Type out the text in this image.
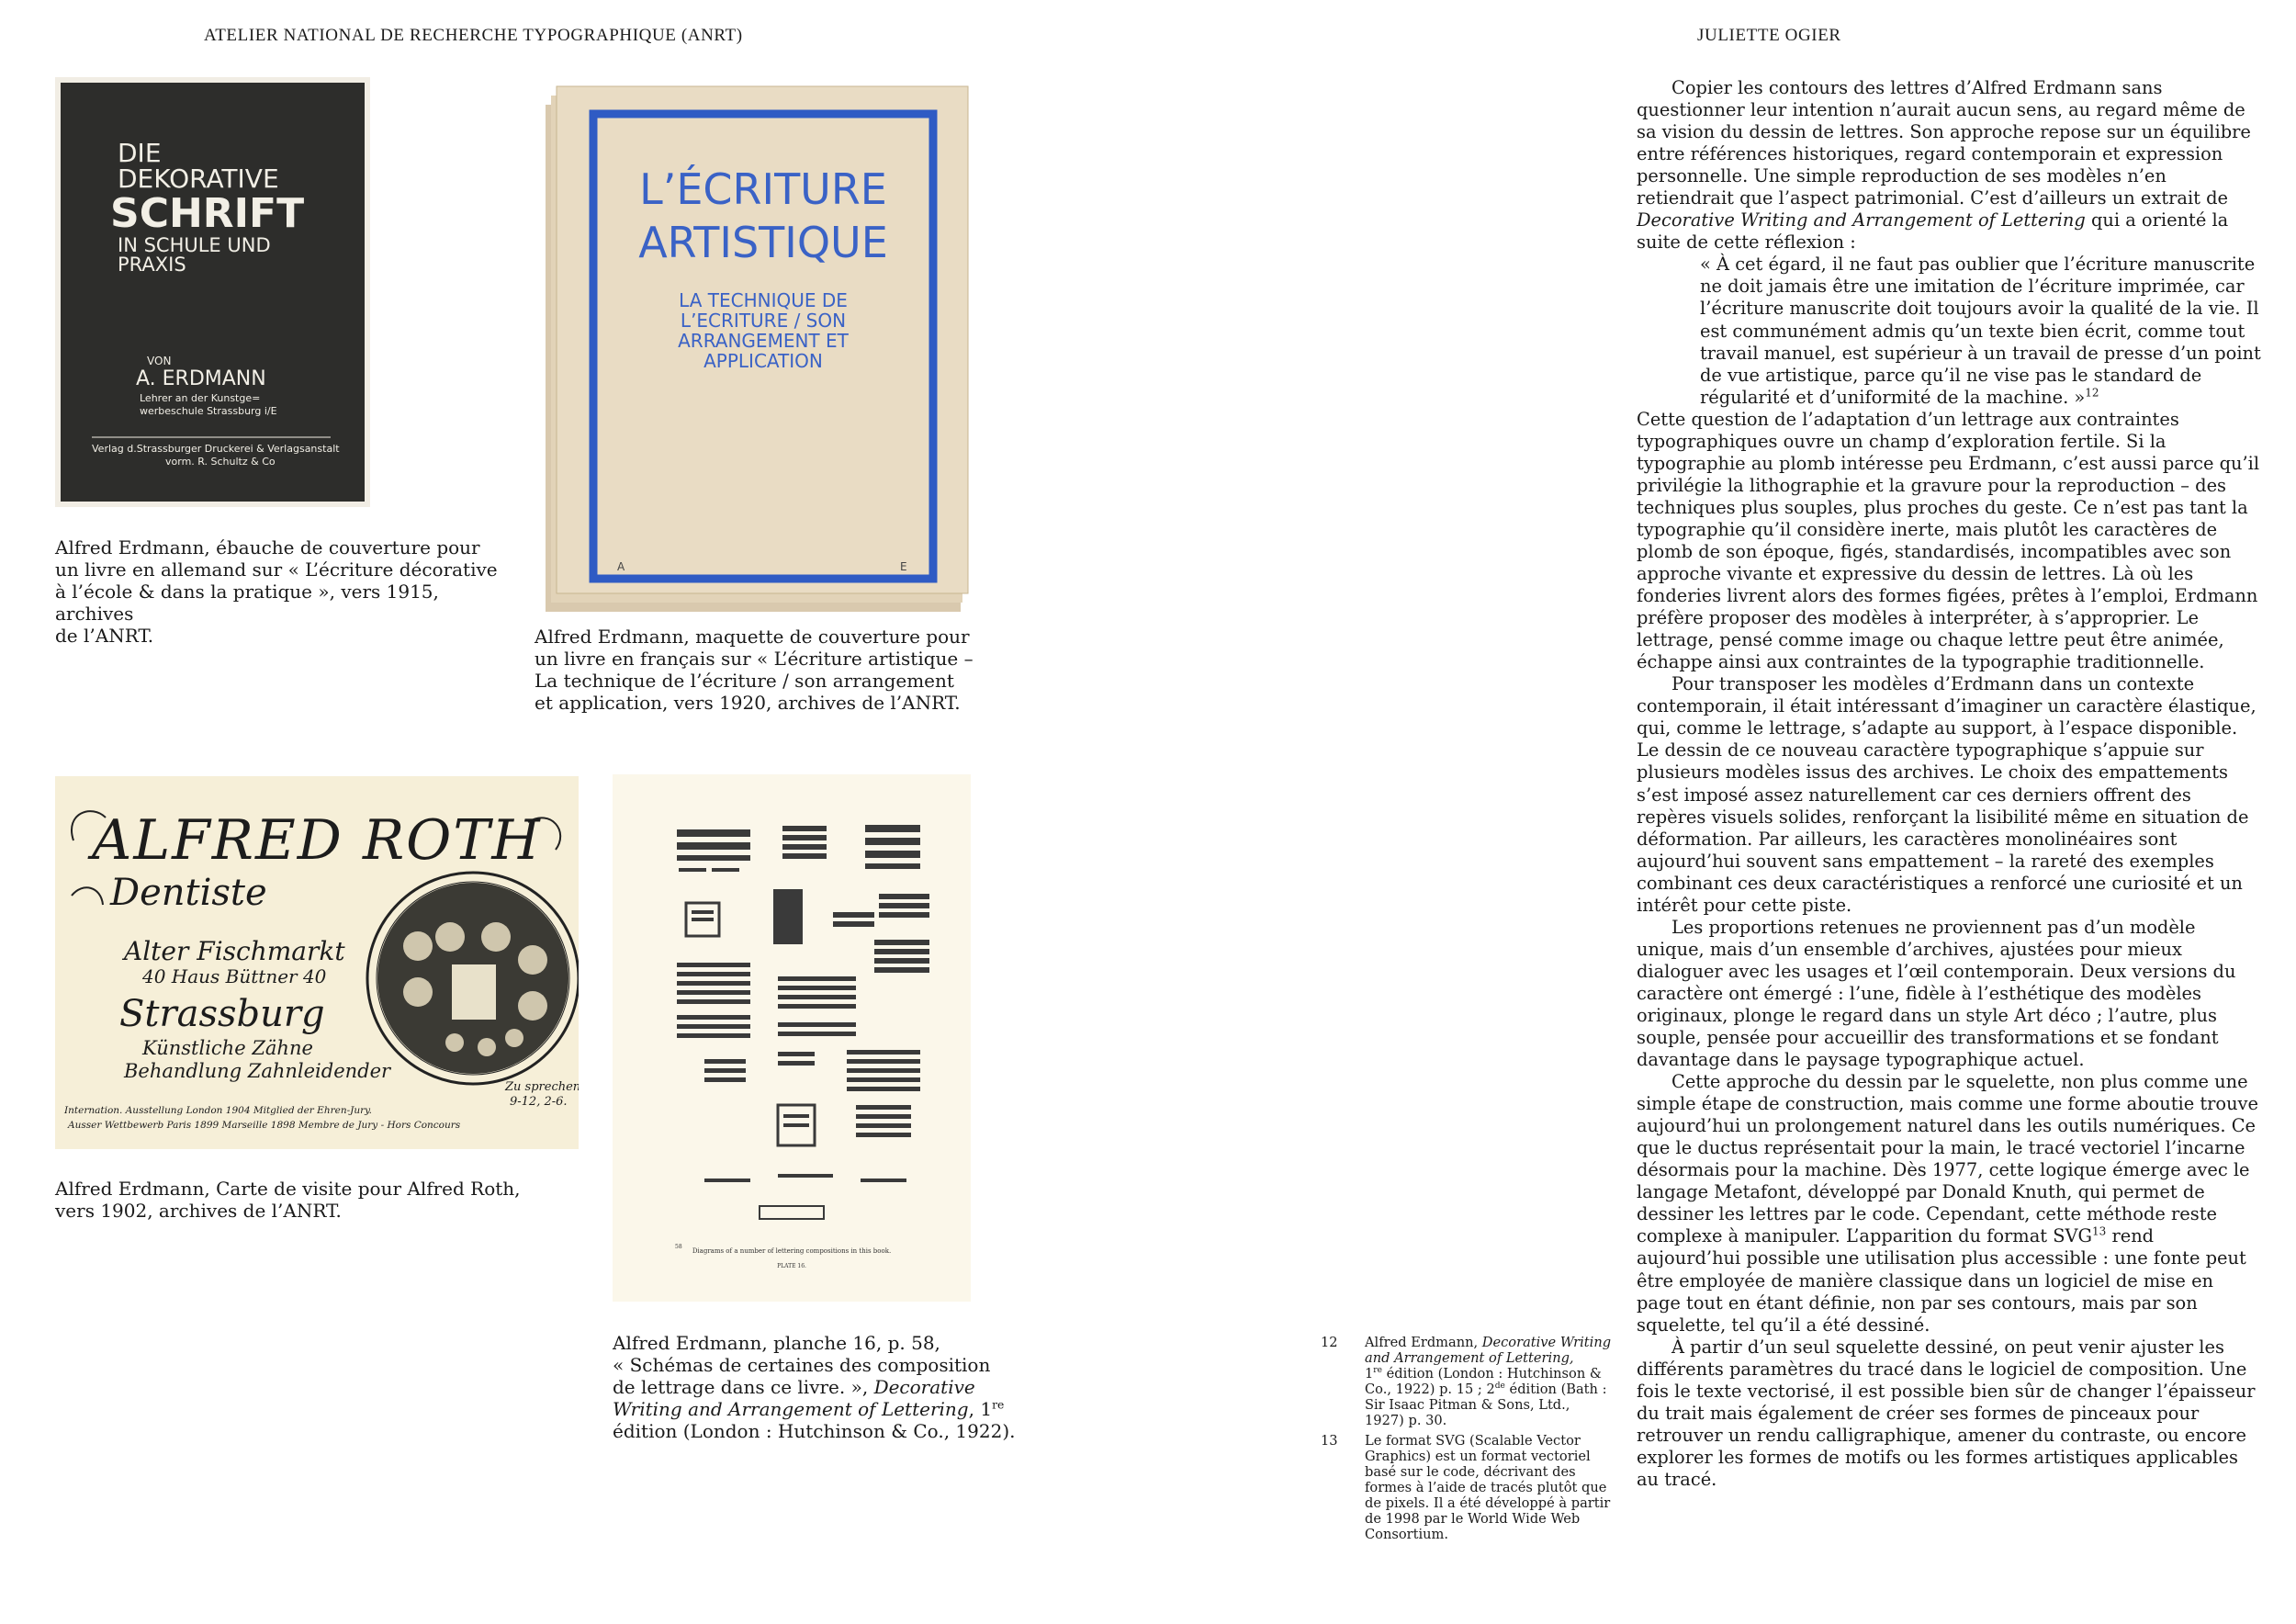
ATELIER NATIONAL DE RECHERCHE TYPOGRAPHIQUE (ANRT)	JULIETTE OGIER
DIE
DEKORATIVE
SCHRIFT
IN SCHULE UND
PRAXIS
VON
A. ERDMANN
Lehrer an der Kunstge=
werbeschule Strassburg i/E
Verlag d.Strassburger Druckerei & Verlagsanstalt
vorm. R. Schultz & Co
Alfred Erdmann, ébauche de couverture pour
un livre en allemand sur « L’écriture décorative
à l’école & dans la pratique », vers 1915, archives
de l’ANRT.
L’ÉCRITURE
ARTISTIQUE
LA TECHNIQUE DE
L’ECRITURE / SON
ARRANGEMENT ET
APPLICATION
A	E
Alfred Erdmann, maquette de couverture pour
un livre en français sur « L’écriture artistique –
La technique de l’écriture / son arrangement
et application, vers 1920, archives de l’ANRT.
ALFRED ROTH
Dentiste
Alter Fischmarkt
40 Haus Büttner 40
Strassburg
Künstliche Zähne
Behandlung Zahnleidender
Zu sprechen:
9-12, 2-6.
Internation. Ausstellung London 1904 Mitglied der Ehren-Jury.
Ausser Wettbewerb Paris 1899 Marseille 1898 Membre de Jury - Hors Concours
Alfred Erdmann, Carte de visite pour Alfred Roth,
vers 1902, archives de l’ANRT.
Diagrams of a number of lettering compositions in this book.
PLATE 16.
58
Alfred Erdmann, planche 16, p. 58,
« Schémas de certaines des composition
de lettrage dans ce livre. », Decorative
Writing and Arrangement of Lettering, 1re
édition (London : Hutchinson & Co., 1922).
12 Alfred Erdmann, Decorative Writing and Arrangement of Lettering,
1re édition (London : Hutchinson & Co., 1922) p. 15 ; 2de édition (Bath : Sir Isaac Pitman & Sons, Ltd., 1927) p. 30.
13 Le format SVG (Scalable Vector Graphics) est un format vectoriel basé sur le code, décrivant des formes à l’aide de tracés plutôt que de pixels. Il a été développé à partir de 1998 par le World Wide Web Consortium.

Copier les contours des lettres d’Alfred Erdmann sans questionner leur intention n’aurait aucun sens, au regard même de sa vision du dessin de lettres. Son approche repose sur un équilibre entre références historiques, regard contemporain et expression personnelle. Une simple reproduction de ses modèles n’en retiendrait que l’aspect patrimonial. C’est d’ailleurs un extrait de Decorative Writing and Arrangement of Lettering qui a orienté la suite de cette réflexion :

« À cet égard, il ne faut pas oublier que l’écriture manuscrite ne doit jamais être une imitation de l’écriture imprimée, car l’écriture manuscrite doit toujours avoir la qualité de la vie. Il est communément admis qu’un texte bien écrit, comme tout travail manuel, est supérieur à un travail de presse d’un point de vue artistique, parce qu’il ne vise pas le standard de régularité et d’uniformité de la machine. »$^{12}$

Cette question de l’adaptation d’un lettrage aux contraintes typographiques ouvre un champ d’exploration fertile. Si la typographie au plomb intéresse peu Erdmann, c’est aussi parce qu’il privilégie la lithographie et la gravure pour la reproduction – des techniques plus souples, plus proches du geste. Ce n’est pas tant la typographie qu’il considère inerte, mais plutôt les caractères de plomb de son époque, figés, standardisés, incompatibles avec son approche vivante et expressive du dessin de lettres. Là où les fonderies livrent alors des formes figées, prêtes à l’emploi, Erdmann préfère proposer des modèles à interpréter, à s’approprier. Le lettrage, pensé comme image ou chaque lettre peut être animée, échappe ainsi aux contraintes de la typographie traditionnelle.

Pour transposer les modèles d’Erdmann dans un contexte contemporain, il était intéressant d’imaginer un caractère élastique, qui, comme le lettrage, s’adapte au support, à l’espace disponible. Le dessin de ce nouveau caractère typographique s’appuie sur plusieurs modèles issus des archives. Le choix des empattements s’est imposé assez naturellement car ces derniers offrent des repères visuels solides, renforçant la lisibilité même en situation de déformation. Par ailleurs, les caractères monolinéaires sont aujourd’hui souvent sans empattement – la rareté des exemples combinant ces deux caractéristiques a renforcé une curiosité et un intérêt pour cette piste.

Les proportions retenues ne proviennent pas d’un modèle unique, mais d’un ensemble d’archives, ajustées pour mieux dialoguer avec les usages et l’œil contemporain. Deux versions du caractère ont émergé : l’une, fidèle à l’esthétique des modèles originaux, plonge le regard dans un style Art déco ; l’autre, plus souple, pensée pour accueillir des transformations et se fondant davantage dans le paysage typographique actuel.

Cette approche du dessin par le squelette, non plus comme une simple étape de construction, mais comme une forme aboutie trouve aujourd’hui un prolongement naturel dans les outils numériques. Ce que le ductus représentait pour la main, le tracé vectoriel l’incarne désormais pour la machine. Dès 1977, cette logique émerge avec le langage Metafont, développé par Donald Knuth, qui permet de dessiner les lettres par le code. Cependant, cette méthode reste complexe à manipuler. L’apparition du format SVG$^{13}$ rend aujourd’hui possible une utilisation plus accessible : une fonte peut être employée de manière classique dans un logiciel de mise en page tout en étant définie, non par ses contours, mais par son squelette, tel qu’il a été dessiné.

À partir d’un seul squelette dessiné, on peut venir ajuster les différents paramètres du tracé dans le logiciel de composition. Une fois le texte vectorisé, il est possible bien sûr de changer l’épaisseur du trait mais également de créer ses formes de pinceaux pour retrouver un rendu calligraphique, amener du contraste, ou encore explorer les formes de motifs ou les formes artistiques applicables au tracé.
